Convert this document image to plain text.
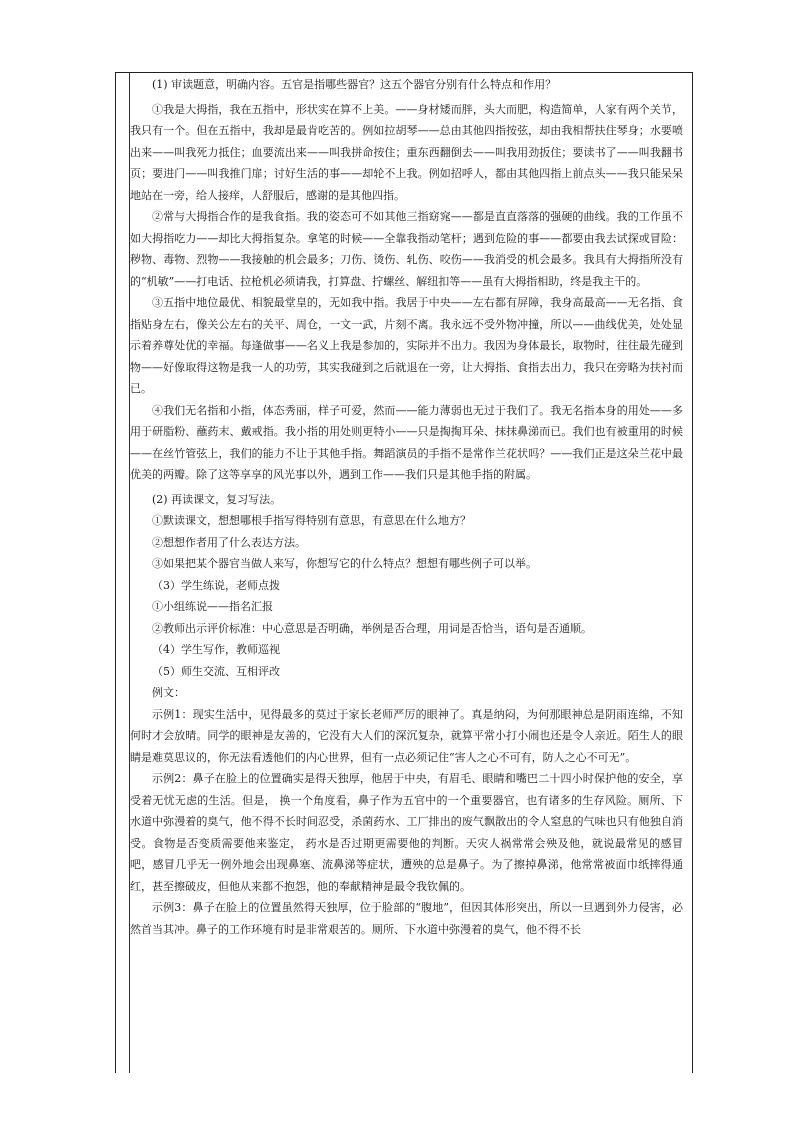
(1) 审读题意，明确内容。五官是指哪些器官？这五个器官分别有什么特点和作用？

①我是大拇指，我在五指中，形状实在算不上美。——身材矮而胖，头大而肥，构造简单，人家有两个关节，我只有一个。但在五指中，我却是最肯吃苦的。例如拉胡琴——总由其他四指按弦，却由我相帮扶住琴身；水要喷出来——叫我死力抵住；血要流出来——叫我拼命按住；重东西翻倒去——叫我用劲扳住；要读书了——叫我翻书页；要进门——叫我推门扉；讨好生活的事——却轮不上我。例如招呼人，都由其他四指上前点头——我只能呆呆地站在一旁，给人接痒，人舒服后，感谢的是其他四指。

②常与大拇指合作的是我食指。我的姿态可不如其他三指窈窕——都是直直落落的强硬的曲线。我的工作虽不如大拇指吃力——却比大拇指复杂。拿笔的时候——全靠我指动笔杆；遇到危险的事——都要由我去试探或冒险：秽物、毒物、烈物——我接触的机会最多；刀伤、烫伤、轧伤、咬伤——我消受的机会最多。我具有大拇指所没有的“机敏”——打电话、拉枪机必须请我，打算盘、拧螺丝、解纽扣等——虽有大拇指相助，终是我主干的。

③五指中地位最优、相貌最堂皇的，无如我中指。我居于中央——左右都有屏障，我身高最高——无名指、食指贴身左右，像关公左右的关平、周仓，一文一武，片刻不离。我永远不受外物冲撞，所以——曲线优美，处处显示着养尊处优的幸福。每逢做事——名义上我是参加的，实际并不出力。我因为身体最长，取物时，往往最先碰到物——好像取得这物是我一人的功劳，其实我碰到之后就退在一旁，让大拇指、食指去出力，我只在旁略为扶衬而已。

④我们无名指和小指，体态秀丽，样子可爱，然而——能力薄弱也无过于我们了。我无名指本身的用处——多用于研脂粉、蘸药末、戴戒指。我小指的用处则更特小——只是掏掏耳朵、抹抹鼻涕而已。我们也有被重用的时候——在丝竹管弦上，我们的能力不让于其他手指。舞蹈演员的手指不是常作兰花状吗？——我们正是这朵兰花中最优美的两瓣。除了这等享享的风光事以外，遇到工作——我们只是其他手指的附属。

(2) 再读课文，复习写法。

①默读课文，想想哪根手指写得特别有意思，有意思在什么地方？

②想想作者用了什么表达方法。

③如果把某个器官当做人来写，你想写它的什么特点？想想有哪些例子可以举。

（3）学生练说，老师点拨

①小组练说——指名汇报

②教师出示评价标准：中心意思是否明确，举例是否合理，用词是否恰当，语句是否通顺。

（4）学生写作，教师巡视

（5）师生交流、互相评改

例文：

示例1：现实生活中，见得最多的莫过于家长老师严厉的眼神了。真是纳闷，为何那眼神总是阴雨连绵，不知何时才会放晴。同学的眼神是友善的，它没有大人们的深沉复杂，就算平常小打小闹也还是令人亲近。陌生人的眼睛是难莫思议的，你无法看透他们的内心世界，但有一点必须记住“害人之心不可有，防人之心不可无”。

示例2：鼻子在脸上的位置确实是得天独厚，他居于中央，有眉毛、眼睛和嘴巴二十四小时保护他的安全，享受着无忧无虑的生活。但是， 换一个角度看，鼻子作为五官中的一个重要器官，也有诸多的生存风险。厕所、下水道中弥漫着的臭气，他不得不长时间忍受，杀菌药水、工厂排出的废气飘散出的令人窒息的气味也只有他独自消受。食物是否变质需要他来鉴定， 药水是否过期更需要他的判断。天灾人祸常常会殃及他，就说最常见的感冒吧，感冒几乎无一例外地会出现鼻塞、流鼻涕等症状，遭殃的总是鼻子。为了擦掉鼻涕，他常常被面巾纸摔得通红，甚至擦破皮，但他从来都不抱怨，他的奉献精神是最令我钦佩的。

示例3：鼻子在脸上的位置虽然得天独厚，位于脸部的“腹地”，但因其体形突出，所以一旦遇到外力侵害，必然首当其冲。鼻子的工作环境有时是非常艰苦的。厕所、下水道中弥漫着的臭气，他不得不长
